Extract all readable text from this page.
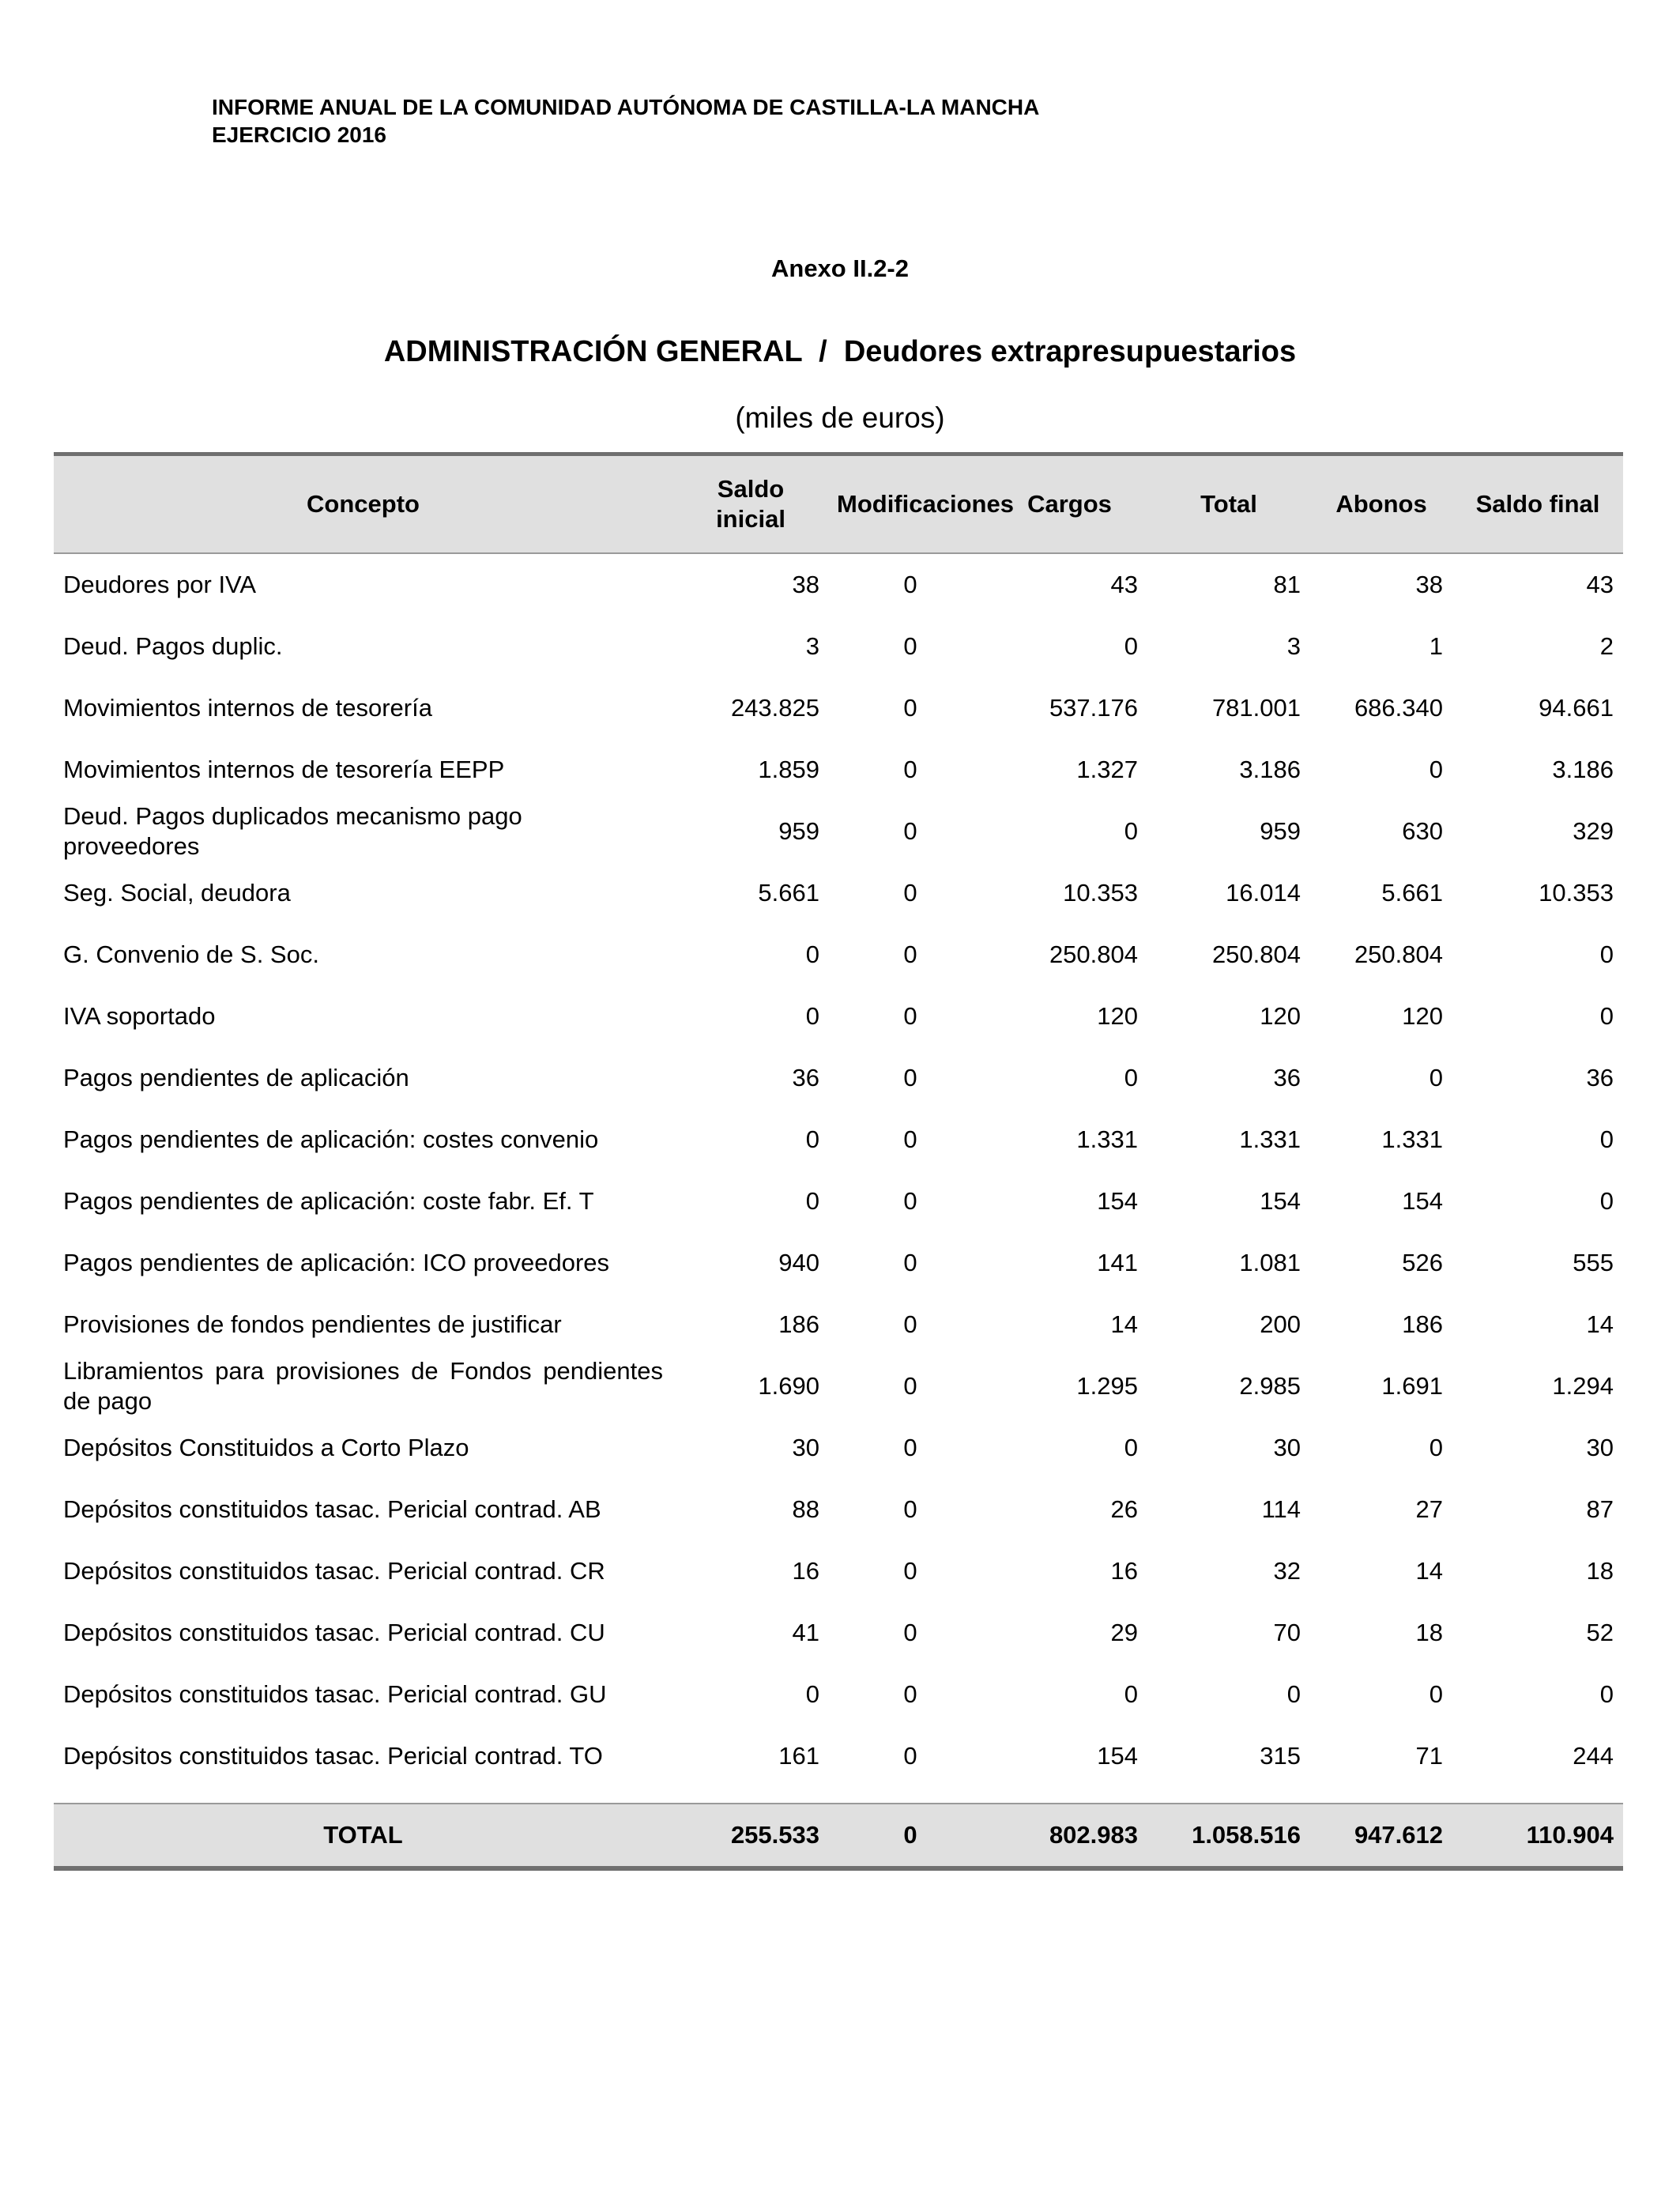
INFORME ANUAL DE LA COMUNIDAD AUTÓNOMA DE CASTILLA-LA MANCHA
EJERCICIO 2016
Anexo II.2-2
ADMINISTRACIÓN GENERAL  /  Deudores extrapresupuestarios
(miles de euros)
Concepto	Saldo inicial	Modificaciones	Cargos	Total	Abonos	Saldo final
Deudores por IVA	38	0	43	81	38	43
Deud. Pagos duplic.	3	0	0	3	1	2
Movimientos internos de tesorería	243.825	0	537.176	781.001	686.340	94.661
Movimientos internos de tesorería EEPP	1.859	0	1.327	3.186	0	3.186
Deud. Pagos duplicados mecanismo pago proveedores	959	0	0	959	630	329
Seg. Social, deudora	5.661	0	10.353	16.014	5.661	10.353
G. Convenio de S. Soc.	0	0	250.804	250.804	250.804	0
IVA soportado	0	0	120	120	120	0
Pagos pendientes de aplicación	36	0	0	36	0	36
Pagos pendientes de aplicación: costes convenio	0	0	1.331	1.331	1.331	0
Pagos pendientes de aplicación: coste fabr. Ef. T	0	0	154	154	154	0
Pagos pendientes de aplicación: ICO proveedores	940	0	141	1.081	526	555
Provisiones de fondos pendientes de justificar	186	0	14	200	186	14
Libramientos para provisiones de Fondos pendientes de pago	1.690	0	1.295	2.985	1.691	1.294
Depósitos Constituidos a Corto Plazo	30	0	0	30	0	30
Depósitos constituidos tasac. Pericial contrad. AB	88	0	26	114	27	87
Depósitos constituidos tasac. Pericial contrad. CR	16	0	16	32	14	18
Depósitos constituidos tasac. Pericial contrad. CU	41	0	29	70	18	52
Depósitos constituidos tasac. Pericial contrad. GU	0	0	0	0	0	0
Depósitos constituidos tasac. Pericial contrad. TO	161	0	154	315	71	244

TOTAL	255.533	0	802.983	1.058.516	947.612	110.904
